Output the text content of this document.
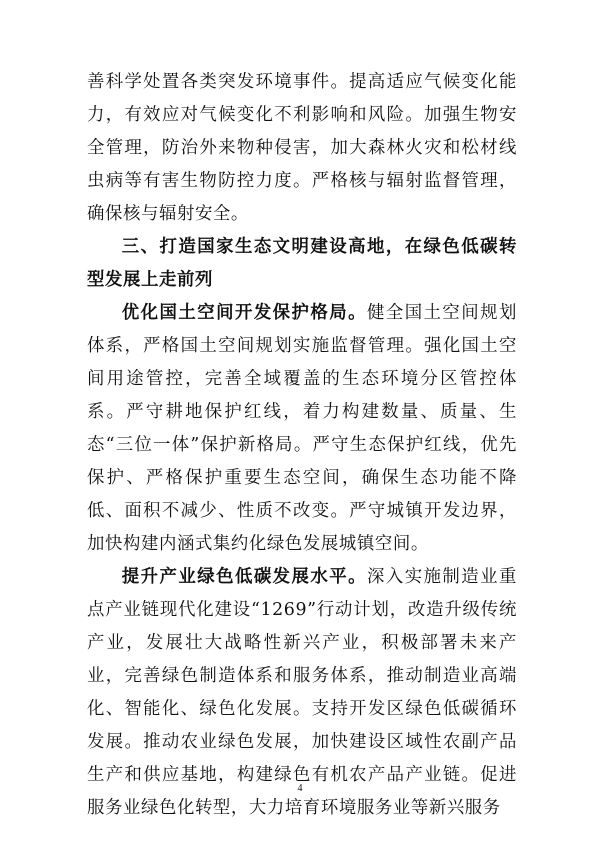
善科学处置各类突发环境事件。提高适应气候变化能力，有效应对气候变化不利影响和风险。加强生物安全管理，防治外来物种侵害，加大森林火灾和松材线虫病等有害生物防控力度。严格核与辐射监督管理，确保核与辐射安全。

三、打造国家生态文明建设高地，在绿色低碳转型发展上走前列

优化国土空间开发保护格局。健全国土空间规划体系，严格国土空间规划实施监督管理。强化国土空间用途管控，完善全域覆盖的生态环境分区管控体系。严守耕地保护红线，着力构建数量、质量、生态“三位一体”保护新格局。严守生态保护红线，优先保护、严格保护重要生态空间，确保生态功能不降低、面积不减少、性质不改变。严守城镇开发边界，加快构建内涵式集约化绿色发展城镇空间。

提升产业绿色低碳发展水平。深入实施制造业重点产业链现代化建设“1269”行动计划，改造升级传统产业，发展壮大战略性新兴产业，积极部署未来产业，完善绿色制造体系和服务体系，推动制造业高端化、智能化、绿色化发展。支持开发区绿色低碳循环发展。推动农业绿色发展，加快建设区域性农副产品生产和供应基地，构建绿色有机农产品产业链。促进服务业绿色化转型，大力培育环境服务业等新兴服务

4
